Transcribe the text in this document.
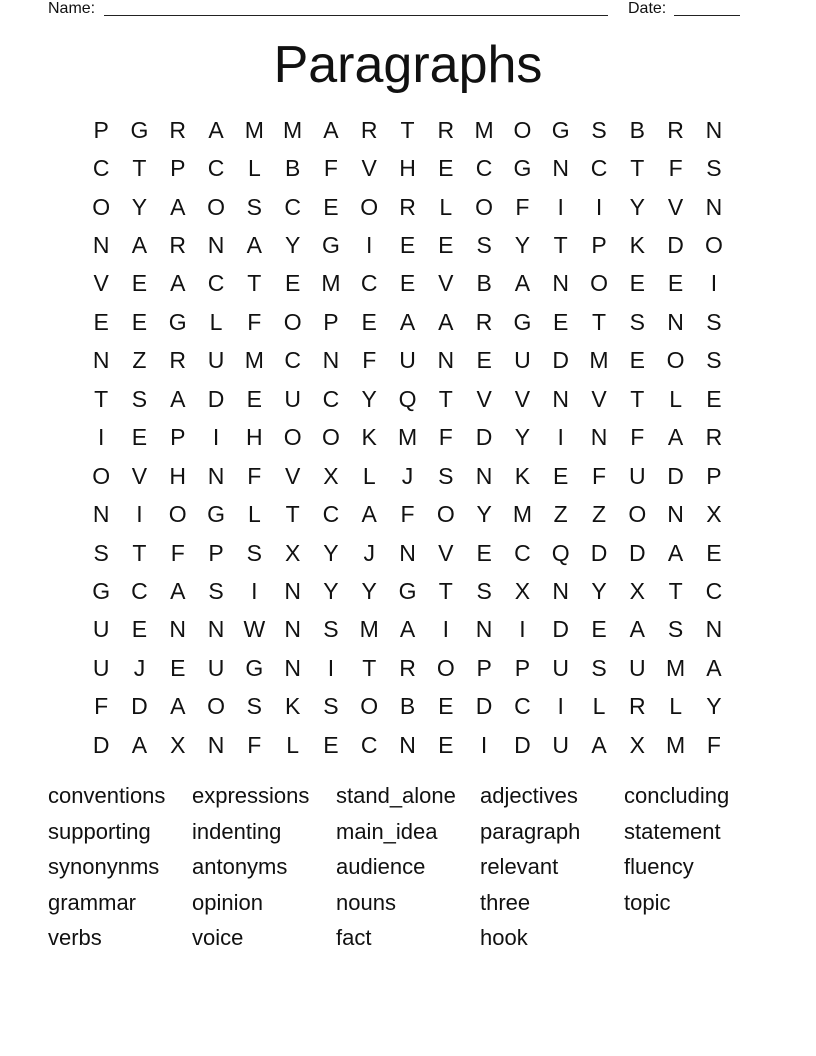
Name:	Date:
Paragraphs
P G R A M M A R T R M O G S B R N
C T	P C	L	B	F	V H E C G N C T	F	S
O Y A O S C E O R	L O F	I	I	Y V N
N A R N A Y G	I	E E S Y	T	P K D O
V E A C T	E M C E V B A N O E E	I
E E G L	F O P E A A R G E	T	S N S
N Z R U M C N F U N E U D M E O S
T	S A D E U C Y Q T	V V N V	T	L	E
I	E P	I	H O O K M F D Y	I	N F	A R
O V H N F	V X	L	J	S N K E	F U D P
N	I	O G L	T C A	F O Y M Z	Z O N X
S	T	F	P S X Y	J	N V E C Q D D A E
G C A S	I	N Y Y G T	S X N Y X	T C
U E N N W N S M A	I	N	I	D E A S N
U	J	E U G N	I	T R O P P U S U M A
F D A O S K S O B E D C	I	L	R	L	Y
D A X N F	L	E C N E	I	D U A X M F
conventions	expressions	stand_alone	adjectives	concluding
supporting	indenting	main_idea	paragraph	statement
synonynms	antonyms	audience	relevant	fluency
grammar	opinion	nouns	three	topic
verbs	voice	fact	hook
